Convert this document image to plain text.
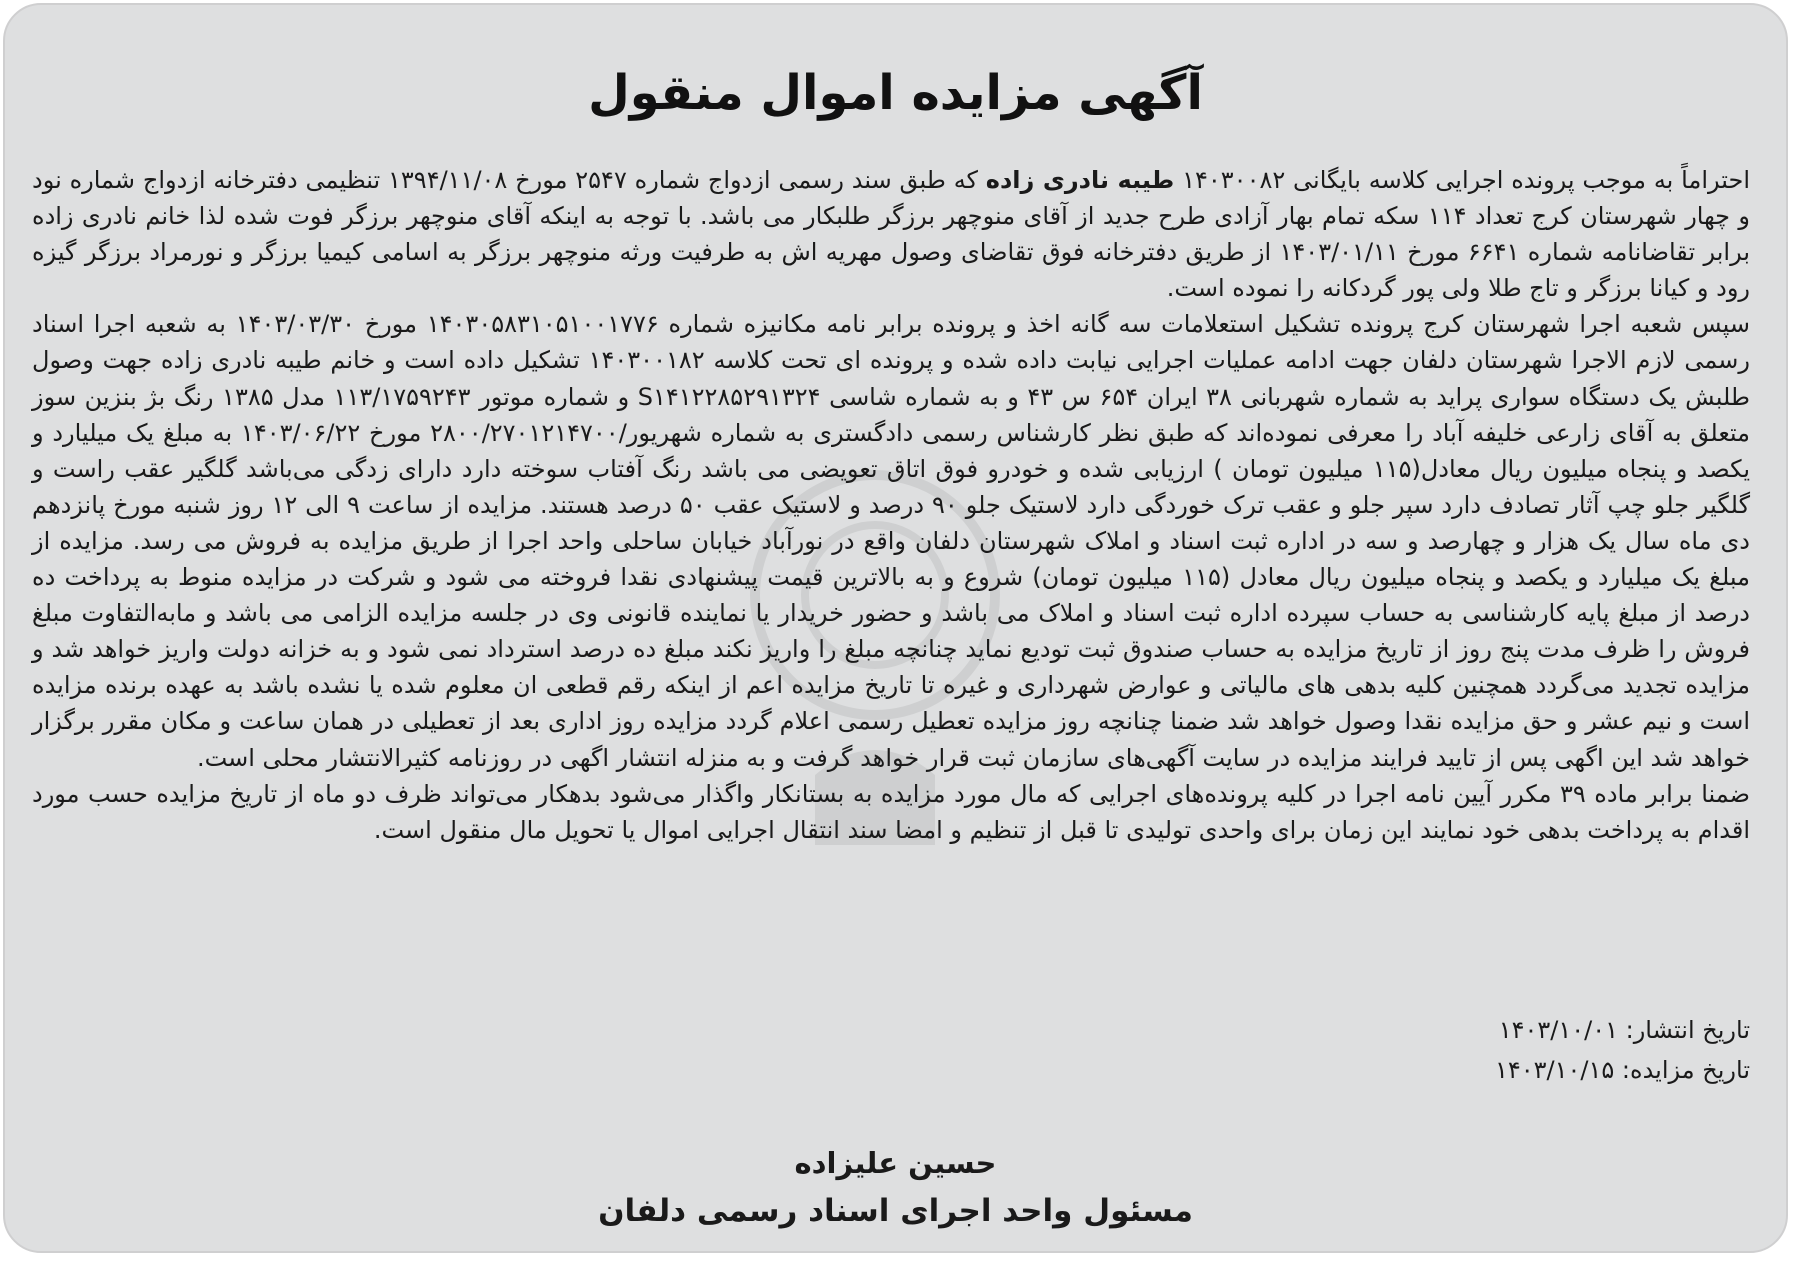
آگهی مزایده اموال منقول

احتراماً به موجب پرونده اجرایی کلاسه بایگانی ۱۴۰۳۰۰۸۲ طیبه نادری زاده که طبق سند رسمی ازدواج شماره ۲۵۴۷ مورخ ۱۳۹۴/۱۱/۰۸ تنظیمی دفترخانه ازدواج شماره نود و چهار شهرستان کرج تعداد ۱۱۴ سکه تمام بهار آزادی طرح جدید از آقای منوچهر برزگر طلبکار می باشد. با توجه به اینکه آقای منوچهر برزگر فوت شده لذا خانم نادری زاده برابر تقاضانامه شماره ۶۶۴۱ مورخ ۱۴۰۳/۰۱/۱۱ از طریق دفترخانه فوق تقاضای وصول مهریه اش به طرفیت ورثه منوچهر برزگر به اسامی کیمیا برزگر و نورمراد برزگر گیزه رود و کیانا برزگر و تاج طلا ولی پور گردکانه را نموده است.

سپس شعبه اجرا شهرستان کرج پرونده تشکیل استعلامات سه گانه اخذ و پرونده برابر نامه مکانیزه شماره ۱۴۰۳۰۵۸۳۱۰۵۱۰۰۱۷۷۶ مورخ ۱۴۰۳/۰۳/۳۰ به شعبه اجرا اسناد رسمی لازم الاجرا شهرستان دلفان جهت ادامه عملیات اجرایی نیابت داده شده و پرونده ای تحت کلاسه ۱۴۰۳۰۰۱۸۲ تشکیل داده است و خانم طیبه نادری زاده جهت وصول طلبش یک دستگاه سواری پراید به شماره شهربانی ۳۸ ایران ۶۵۴ س ۴۳ و به شماره شاسی S۱۴۱۲۲۸۵۲۹۱۳۲۴ و شماره موتور ۱۱۳/۱۷۵۹۲۴۳ مدل ۱۳۸۵ رنگ بژ بنزین سوز متعلق به آقای زارعی خلیفه آباد را معرفی نموده‌اند که طبق نظر کارشناس رسمی دادگستری به شماره شهریور/۲۸۰۰/۲۷۰۱۲۱۴۷۰۰ مورخ ۱۴۰۳/۰۶/۲۲ به مبلغ یک میلیارد و یکصد و پنجاه میلیون ریال معادل(۱۱۵ میلیون تومان ) ارزیابی شده و خودرو فوق اتاق تعویضی می باشد رنگ آفتاب سوخته دارد دارای زدگی می‌باشد گلگیر عقب راست و گلگیر جلو چپ آثار تصادف دارد سپر جلو و عقب ترک خوردگی دارد لاستیک جلو ۹۰ درصد و لاستیک عقب ۵۰ درصد هستند. مزایده از ساعت ۹ الی ۱۲ روز شنبه مورخ پانزدهم دی ماه سال یک هزار و چهارصد و سه در اداره ثبت اسناد و املاک شهرستان دلفان واقع در نورآباد خیابان ساحلی واحد اجرا از طریق مزایده به فروش می رسد. مزایده از مبلغ یک میلیارد و یکصد و پنجاه میلیون ریال معادل (۱۱۵ میلیون تومان) شروع و به بالاترین قیمت پیشنهادی نقدا فروخته می شود و شرکت در مزایده منوط به پرداخت ده درصد از مبلغ پایه کارشناسی به حساب سپرده اداره ثبت اسناد و املاک می باشد و حضور خریدار یا نماینده قانونی وی در جلسه مزایده الزامی می باشد و مابه‌التفاوت مبلغ فروش را ظرف مدت پنج روز از تاریخ مزایده به حساب صندوق ثبت تودیع نماید چنانچه مبلغ را واریز نکند مبلغ ده درصد استرداد نمی شود و به خزانه دولت واریز خواهد شد و مزایده تجدید می‌گردد همچنین کلیه بدهی های مالیاتی و عوارض شهرداری و غیره تا تاریخ مزایده اعم از اینکه رقم قطعی ان معلوم شده یا نشده باشد به عهده برنده مزایده است و نیم عشر و حق مزایده نقدا وصول خواهد شد ضمنا چنانچه روز مزایده تعطیل رسمی اعلام گردد مزایده روز اداری بعد از تعطیلی در همان ساعت و مکان مقرر برگزار خواهد شد این اگهی پس از تایید فرایند مزایده در سایت آگهی‌های سازمان ثبت قرار خواهد گرفت و به منزله انتشار اگهی در روزنامه کثیرالانتشار محلی است.

ضمنا برابر ماده ۳۹ مکرر آیین نامه اجرا در کلیه پرونده‌های اجرایی که مال مورد مزایده به بستانکار واگذار می‌شود بدهکار می‌تواند ظرف دو ماه از تاریخ مزایده حسب مورد اقدام به پرداخت بدهی خود نمایند این زمان برای واحدی تولیدی تا قبل از تنظیم و امضا سند انتقال اجرایی اموال یا تحویل مال منقول است.

تاریخ انتشار: ۱۴۰۳/۱۰/۰۱
تاریخ مزایده: ۱۴۰۳/۱۰/۱۵
حسین علیزاده
مسئول واحد اجرای اسناد رسمی دلفان
